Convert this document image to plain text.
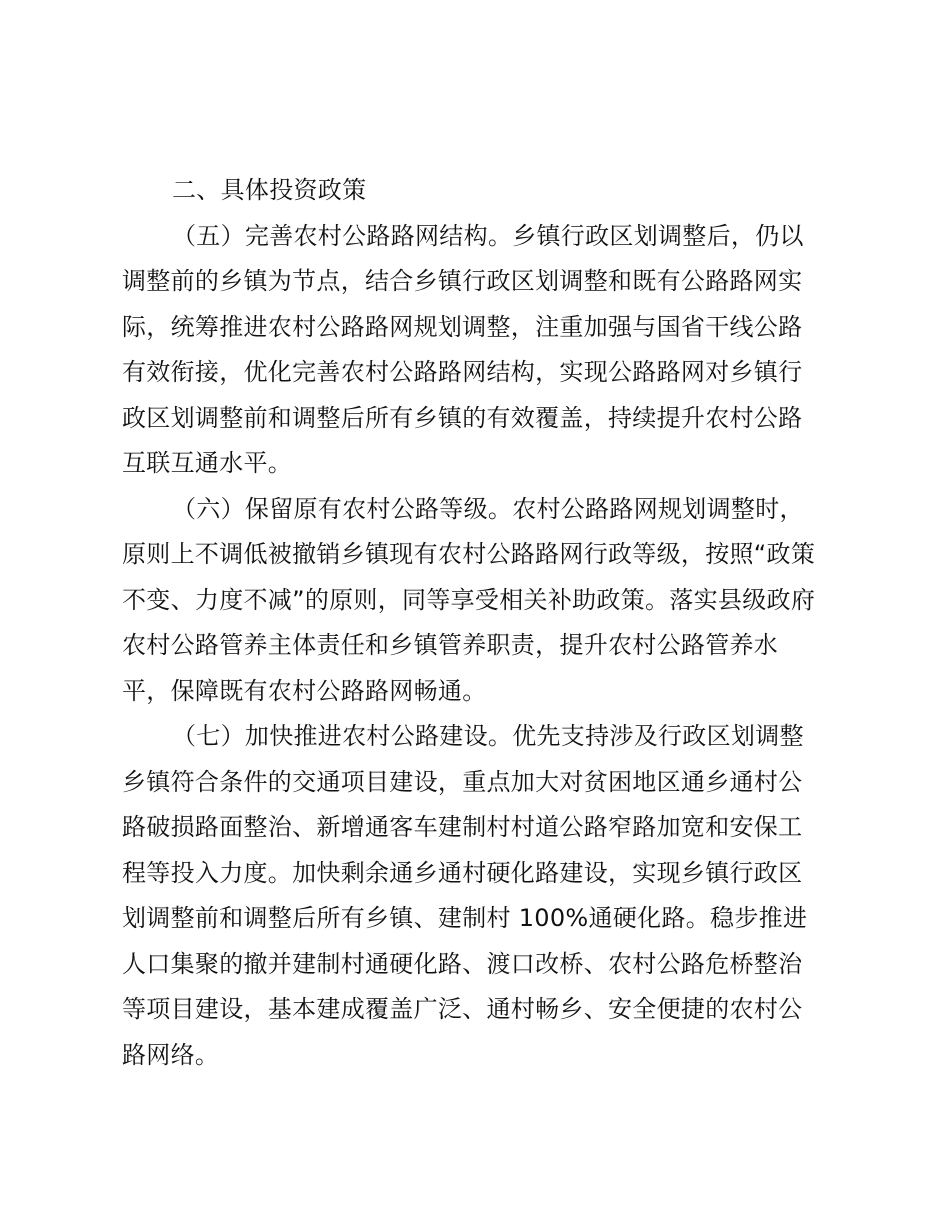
二、具体投资政策
（五）完善农村公路路网结构。乡镇行政区划调整后，仍以
调整前的乡镇为节点，结合乡镇行政区划调整和既有公路路网实
际，统筹推进农村公路路网规划调整，注重加强与国省干线公路
有效衔接，优化完善农村公路路网结构，实现公路路网对乡镇行
政区划调整前和调整后所有乡镇的有效覆盖，持续提升农村公路
互联互通水平。
（六）保留原有农村公路等级。农村公路路网规划调整时，
原则上不调低被撤销乡镇现有农村公路路网行政等级，按照“政策
不变、力度不减”的原则，同等享受相关补助政策。落实县级政府
农村公路管养主体责任和乡镇管养职责，提升农村公路管养水
平，保障既有农村公路路网畅通。
（七）加快推进农村公路建设。优先支持涉及行政区划调整
乡镇符合条件的交通项目建设，重点加大对贫困地区通乡通村公
路破损路面整治、新增通客车建制村村道公路窄路加宽和安保工
程等投入力度。加快剩余通乡通村硬化路建设，实现乡镇行政区
划调整前和调整后所有乡镇、建制村 100%通硬化路。稳步推进
人口集聚的撤并建制村通硬化路、渡口改桥、农村公路危桥整治
等项目建设，基本建成覆盖广泛、通村畅乡、安全便捷的农村公
路网络。
